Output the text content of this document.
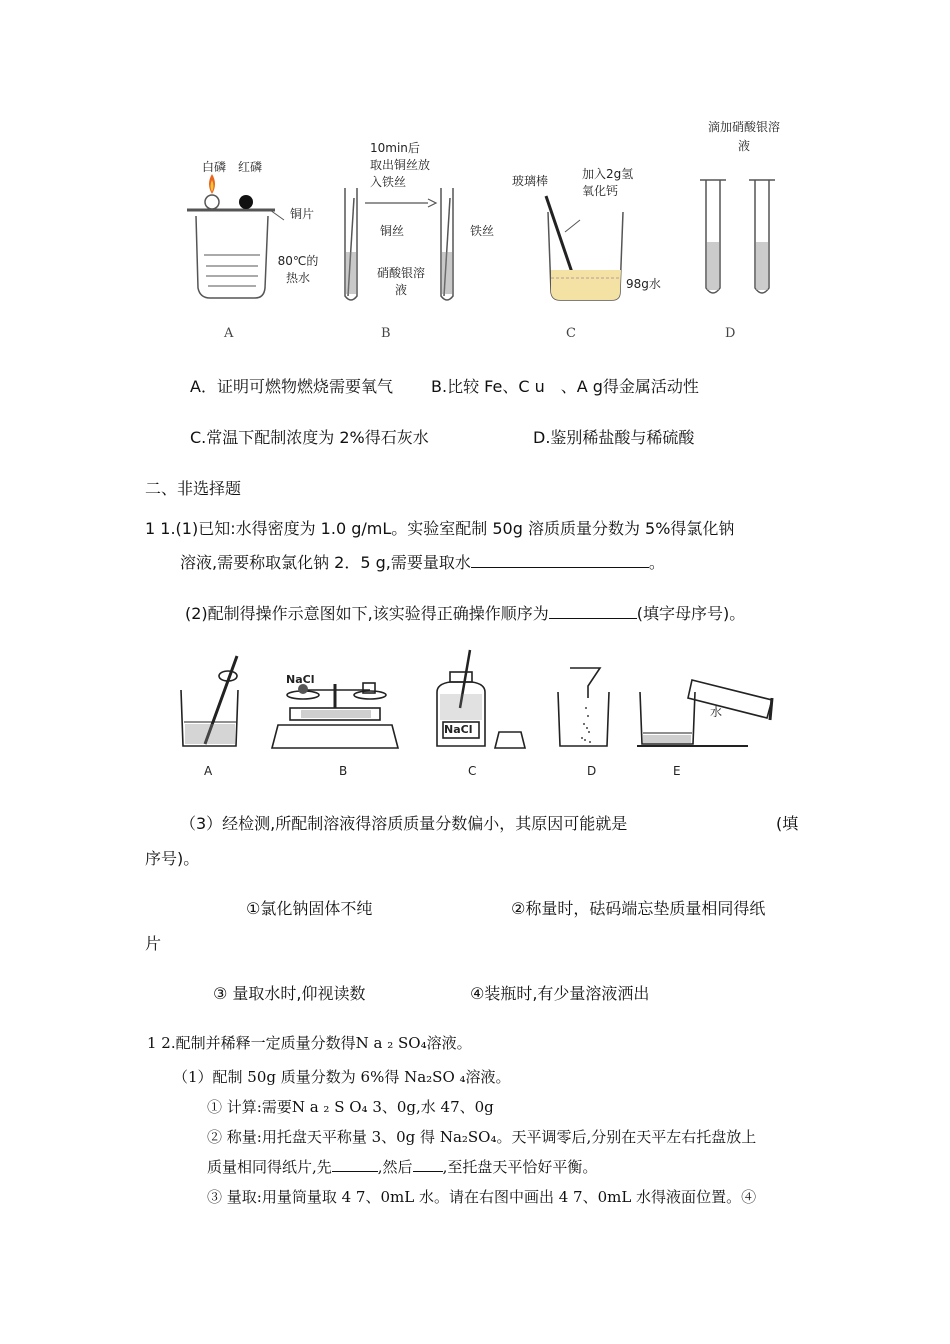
白磷 红磷
铜片
80℃的热水
10min后取出铜丝放入铁丝
铜丝	铁丝
硝酸银溶液
玻璃棒	加入2g氢氧化钙
98g水
滴加硝酸银溶液
A	B	C	D
A．证明可燃物燃烧需要氧气 B.比较 Fe、C u　、A g得金属活动性
C.常温下配制浓度为 2%得石灰水	D.鉴别稀盐酸与稀硫酸
二、非选择题
1 1.(1)已知:水得密度为 1.0 g/mL。实验室配制 50g 溶质质量分数为 5%得氯化钠
溶液,需要称取氯化钠 2．5 g,需要量取水	。
(2)配制得操作示意图如下,该实验得正确操作顺序为	(填字母序号)。
NaCl
NaCl
水
A	B	C	D	E
（3）经检测,所配制溶液得溶质质量分数偏小，其原因可能就是	(填
序号)。
①氯化钠固体不纯	②称量时，砝码端忘垫质量相同得纸
片
③ 量取水时,仰视读数	④装瓶时,有少量溶液洒出
1 2.配制并稀释一定质量分数得N a ₂ SO₄溶液。
（1）配制 50g 质量分数为 6%得 Na₂SO ₄溶液。
① 计算:需要N a ₂ S O₄ 3、0g,水 47、0g
② 称量:用托盘天平称量 3、0g 得 Na₂SO₄。天平调零后,分别在天平左右托盘放上
质量相同得纸片,先	,然后 ,至托盘天平恰好平衡。
③ 量取:用量筒量取 4 7、0mL 水。请在右图中画出 4 7、0mL 水得液面位置。④
